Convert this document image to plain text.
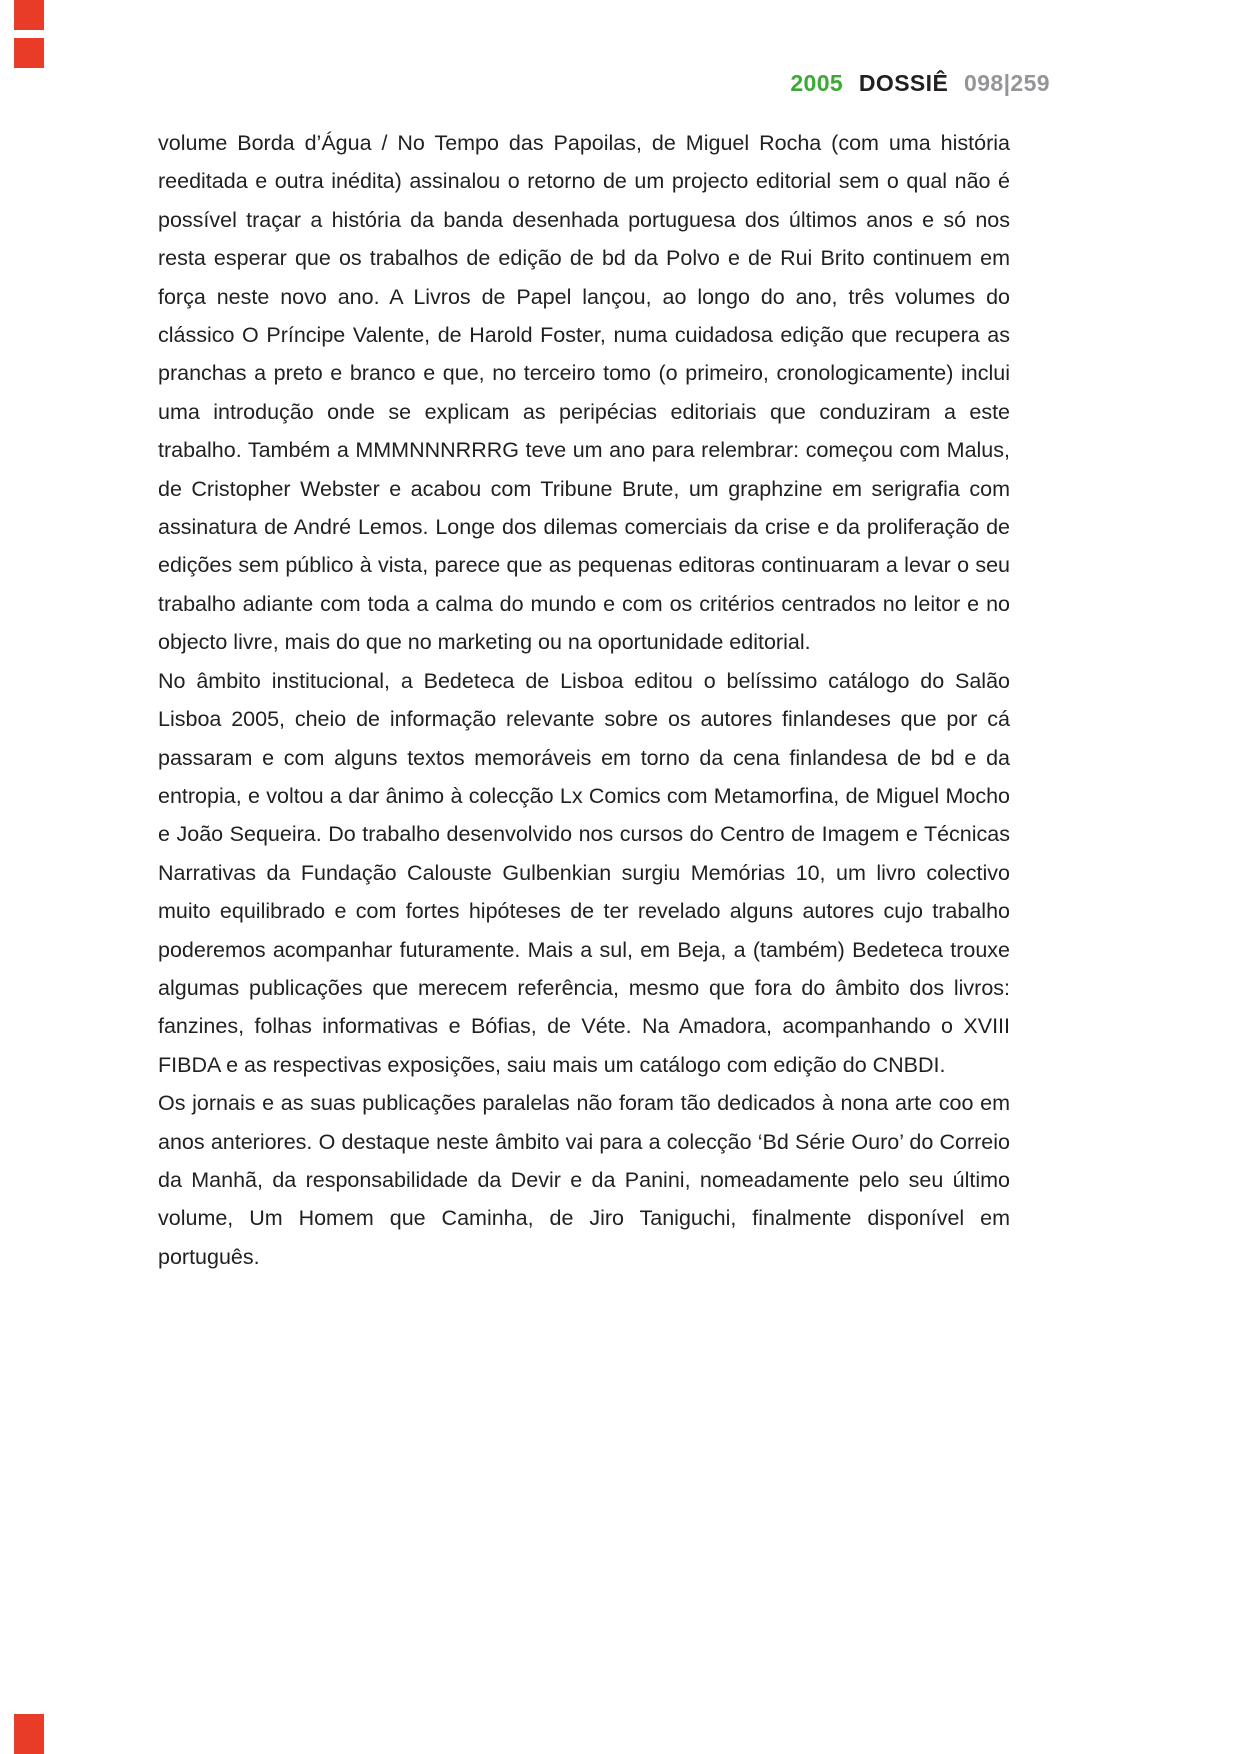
2005 DOSSIÊ 098|259

volume Borda d’Água / No Tempo das Papoilas, de Miguel Rocha (com uma história reeditada e outra inédita) assinalou o retorno de um projecto editorial sem o qual não é possível traçar a história da banda desenhada portuguesa dos últimos anos e só nos resta esperar que os trabalhos de edição de bd da Polvo e de Rui Brito continuem em força neste novo ano. A Livros de Papel lançou, ao longo do ano, três volumes do clássico O Príncipe Valente, de Harold Foster, numa cuidadosa edição que recupera as pranchas a preto e branco e que, no terceiro tomo (o primeiro, cronologicamente) inclui uma introdução onde se explicam as peripécias editoriais que conduziram a este trabalho. Também a MMMNNNRRRG teve um ano para relembrar: começou com Malus, de Cristopher Webster e acabou com Tribune Brute, um graphzine em serigrafia com assinatura de André Lemos. Longe dos dilemas comerciais da crise e da proliferação de edições sem público à vista, parece que as pequenas editoras continuaram a levar o seu trabalho adiante com toda a calma do mundo e com os critérios centrados no leitor e no objecto livre, mais do que no marketing ou na oportunidade editorial.

No âmbito institucional, a Bedeteca de Lisboa editou o belíssimo catálogo do Salão Lisboa 2005, cheio de informação relevante sobre os autores finlandeses que por cá passaram e com alguns textos memoráveis em torno da cena finlandesa de bd e da entropia, e voltou a dar ânimo à colecção Lx Comics com Metamorfina, de Miguel Mocho e João Sequeira. Do trabalho desenvolvido nos cursos do Centro de Imagem e Técnicas Narrativas da Fundação Calouste Gulbenkian surgiu Memórias 10, um livro colectivo muito equilibrado e com fortes hipóteses de ter revelado alguns autores cujo trabalho poderemos acompanhar futuramente. Mais a sul, em Beja, a (também) Bedeteca trouxe algumas publicações que merecem referência, mesmo que fora do âmbito dos livros: fanzines, folhas informativas e Bófias, de Véte. Na Amadora, acompanhando o XVIII FIBDA e as respectivas exposições, saiu mais um catálogo com edição do CNBDI.

Os jornais e as suas publicações paralelas não foram tão dedicados à nona arte coo em anos anteriores. O destaque neste âmbito vai para a colecção ‘Bd Série Ouro’ do Correio da Manhã, da responsabilidade da Devir e da Panini, nomeadamente pelo seu último volume, Um Homem que Caminha, de Jiro Taniguchi, finalmente disponível em português.
